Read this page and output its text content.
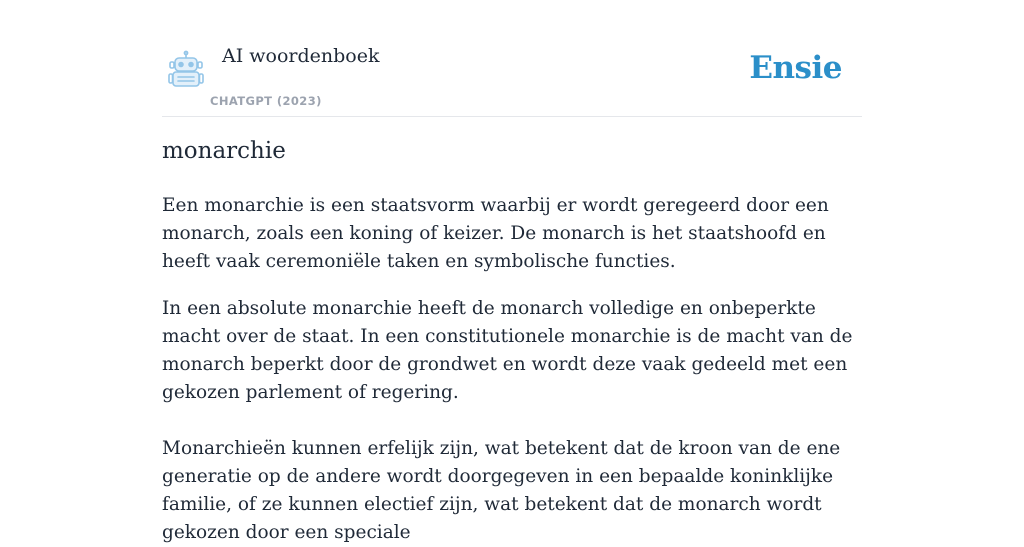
AI woordenboek
CHATGPT (2023)
Ensie
monarchie

Een monarchie is een staatsvorm waarbij er wordt geregeerd door een monarch, zoals een koning of keizer. De monarch is het staatshoofd en heeft vaak ceremoniële taken en symbolische functies.

In een absolute monarchie heeft de monarch volledige en onbeperkte macht over de staat. In een constitutionele monarchie is de macht van de monarch beperkt door de grondwet en wordt deze vaak gedeeld met een gekozen parlement of regering.

Monarchieën kunnen erfelijk zijn, wat betekent dat de kroon van de ene generatie op de andere wordt doorgegeven in een bepaalde koninklijke familie, of ze kunnen electief zijn, wat betekent dat de monarch wordt gekozen door een speciale
